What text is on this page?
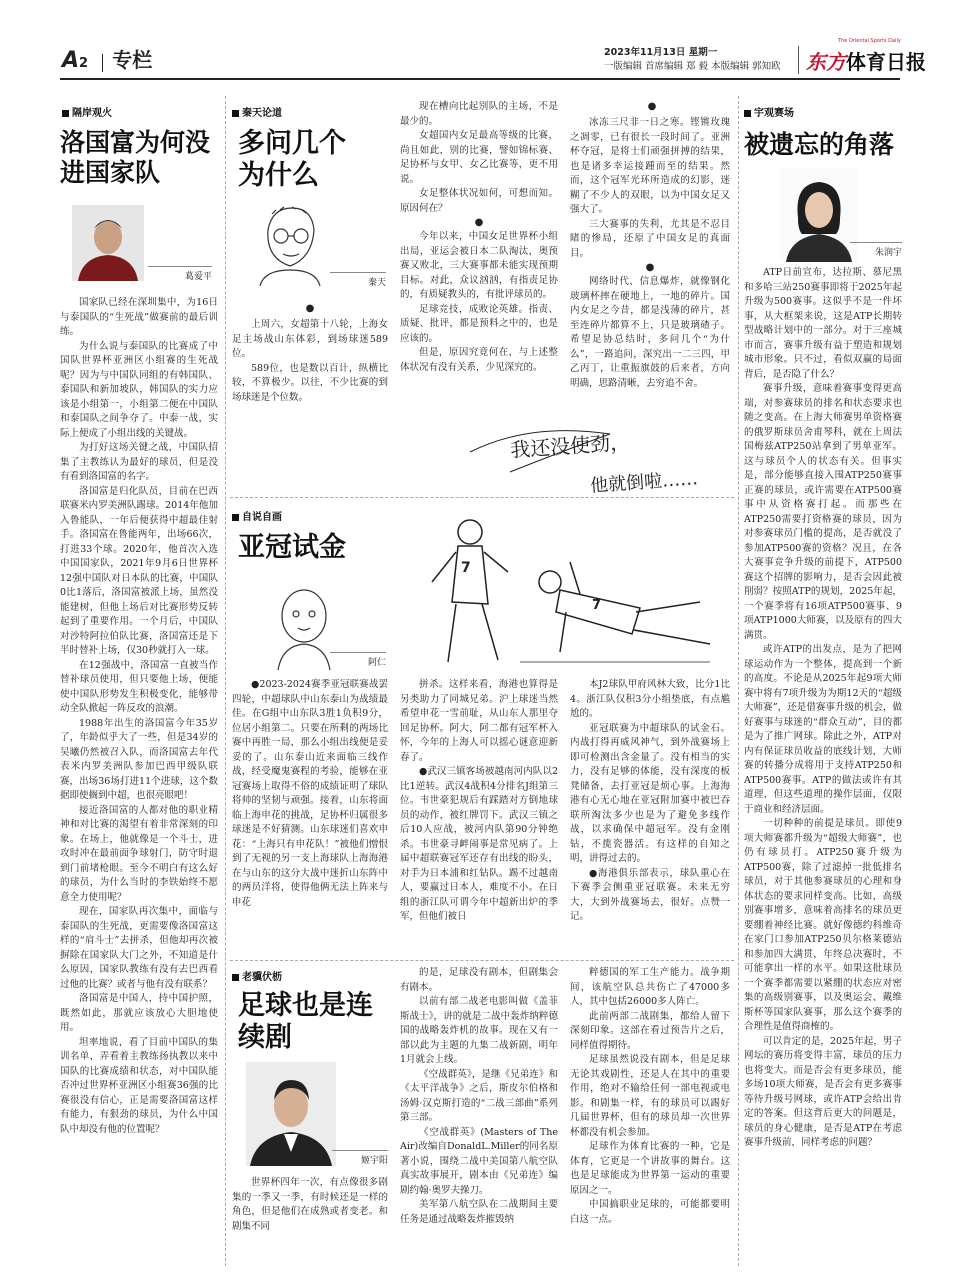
A2 专栏	2023年11月13日 星期一
一版编辑 首席编辑 郑 毅 本版编辑 郭知欧	东方体育日报
The Oriental Sports Daily
隔岸观火
洛国富为何没进国家队
葛爱平

国家队已经在深圳集中，为16日与泰国队的“生死战”做赛前的最后训练。

为什么说与泰国队的比赛成了中国队世界杯亚洲区小组赛的生死战呢？因为与中国队同组的有韩国队、泰国队和新加坡队，韩国队的实力应该是小组第一，小组第二便在中国队和泰国队之间争夺了。中泰一战，实际上便成了小组出线的关键战。

为打好这场关键之战，中国队招集了主教练认为最好的球员，但是没有看到洛国富的名字。

洛国富是归化队员，目前在巴西联赛米内罗美洲队踢球。2014年他加入鲁能队，一年后便获得中超最佳射手。洛国富在鲁能两年，出场66次，打进33个球。2020年，他首次入选中国国家队，2021年9月6日世界杯12强中国队对日本队的比赛，中国队0比1落后，洛国富被派上场，虽然没能建树，但他上场后对比赛形势反转起到了重要作用。一个月后，中国队对沙特阿拉伯队比赛，洛国富还是下半时替补上场，仅30秒就打入一球。

在12强战中，洛国富一直被当作替补球员使用，但只要他上场，便能使中国队形势发生积极变化，能够带动全队掀起一阵反攻的浪潮。

1988年出生的洛国富今年35岁了，年龄似乎大了一些，但是34岁的吴曦仍然被召入队，而洛国富去年代表米内罗美洲队参加巴西甲级队联赛，出场36场打进11个进球，这个数据即使搁到中超，也很亮眼吧！

接近洛国富的人都对他的职业精神和对比赛的渴望有着非常深刻的印象。在场上，他就像是一个斗士，进攻时冲在最前面争球射门，防守时退到门前堵枪眼。至今不明白有这么好的球员，为什么当时的李铁始终不愿意全力使用呢？

现在，国家队再次集中，面临与泰国队的生死战，更需要像洛国富这样的“肩斗士”去拼杀，但他却再次被摒除在国家队大门之外，不知道是什么原因，国家队教练有没有去巴西看过他的比赛？或者与他有没有联系？

洛国富是中国人，持中国护照，既然如此，那就应该放心大胆地使用。

坦率地说，看了目前中国队的集训名单，弄看着主教练扬执教以来中国队的比赛成绩和状态，对中国队能否冲过世界杯亚洲区小组赛36强的比赛很没有信心，正是需要洛国富这样有能力，有狠劲的球员，为什么中国队中却没有他的位置呢？

秦天论道
多问几个为什么
秦天
●

上周六，女超第十八轮，上海女足主场战山东体彩，到场球迷589位。

589位，也是数以百计，纵横比较，不算极少。以往，不少比赛的到场球迷是个位数。

现在槽向比起别队的主场，不是最少的。

女超国内女足最高等级的比赛，尚且如此，别的比赛，譬如锦标赛、足协杯与女甲、女乙比赛等，更不用说。

女足整体状况如何，可想而知。原因何在？

●

今年以来，中国女足世界杯小组出局，亚运会被日本二队淘汰，奥预赛又败北，三大赛事都未能实现预期目标。对此，众议汹汹，有指责足协的，有质疑教头的，有批评球员的。

足球竞技，成败论英雄。指责、质疑、批评，都是预料之中的，也是应该的。

但是，原因究竟何在，与上述整体状况有没有关系，少见深究的。

●

冰冻三尺非一日之寒。铿锵玫瑰之凋零，已有很长一段时间了。亚洲杯夺冠，是将士们顽强拼搏的结果，也是诸多幸运接踵而至的结果。然而，这个冠军光环所造成的幻影，迷糊了不少人的双眼，以为中国女足又强大了。

三大赛事的失利，尤其是不忍目睹的惨局，还原了中国女足的真面目。

●

网络时代，信息爆炸，就像钢化玻璃杯摔在硬地上，一地的碎片。国内女足之今昔，都是浅薄的碎片，甚至连碎片都算不上，只是玻璃碴子。希望足协总结时，多问几个“为什么”，一路追问，深究出一二三四，甲乙丙丁，让重振旗鼓的后来者，方向明确，思路清晰，去穷追不舍。

我还没使劲，
他就倒啦……
7
7
自说自画
亚冠试金
阿仁

●2023-2024赛季亚冠联赛战罢四轮，中超球队中山东泰山为战绩最佳。在G组中山东队3胜1负积9分，位居小组第二。只要在所剩的两场比赛中再胜一局，那么小组出线便是妥妥的了。山东泰山近来面临三线作战，经受魔鬼赛程的考验，能够在亚冠赛场上取得不俗的成绩证明了球队将帅的坚韧与顽强。接着，山东将面临上海申花的挑战，足协杯归属很多球迷是不好猜测。山东球迷们喜欢申花：“上海只有申花队！”被他们憎恨到了无视的另一支上海球队上海海港在与山东的这分大战中迷折山东阵中的两员洋将，使得他俩无法上阵来与申花

拼杀。这样来看，海港也算得是另类助力了同城兄弟。沪上球迷当然希望申花一雪前耻，从山东人那里夺回足协杯。阿大，阿二都有冠军杯入怀，今年的上海人可以摇心谜意迎新春了。

●武汉三镇客场被越南河内队以2比1逆转。武汉4战积4分排名J组第三位。韦世豪犯规后有踩踏对方倒地球员的动作，被红牌罚下。武汉三镇之后10人应战，被河内队第90分钟绝杀。韦世豪寻衅闹事是常见病了。上届中超联赛冠军还存有出线的盼头，对手为日本浦和红钻队。踢不过越南人，要赢过日本人，难度不小。在日组的浙江队可谓今年中超新出炉的季军，但他们被日

本J2球队甲府风林大致，比分1比4。浙江队仅积3分小组垫底，有点尴尬的。

亚冠联赛为中超球队的试金石。内战打得再威风神气，到外战赛场上即可检测出含金量了。没有相当的实力，没有足够的体能，没有深度的板凳储备，去打亚冠是烦心事。上海海港有心无心地在亚冠附加赛中被巴吞联所淘汰多少也是为了避免多线作战，以求确保中超冠军。没有金刚钻，不揽瓷器活。有这样的自知之明，讲得过去的。

●海港俱乐部表示，球队重心在下赛季会侧重亚冠联赛。未来无穷大，大到外战赛场去，很好。点赞一记。

老骥伏枥
足球也是连续剧
姬宇阳

世界杯四年一次，有点像很多剧集的一季又一季，有时候还是一样的角色，但是他们在成熟或者变老。和剧集不同

的是，足球没有剧本，但剧集会有剧本。

以前有部二战老电影叫做《盖菲斯战士》，讲的就是二战中轰炸纳粹德国的战略轰炸机的故事。现在又有一部以此为主题的九集二战新剧，明年1月就会上线。

《空战群英》，是继《兄弟连》和《太平洋战争》之后，斯皮尔伯格和汤姆·汉克斯打造的“二战三部曲”系列第三部。

《空战群英》(Masters of The Air)改编自DonaldL.Miller的同名原著小说，围绕二战中美国第八航空队真实故事展开，剧本由《兄弟连》编剧约翰·奥罗夫操刀。

美军第八航空队在二战期间主要任务是通过战略轰炸摧毁纳

粹德国的军工生产能力。战争期间，该航空队总共伤亡了47000多人，其中包括26000多人阵亡。

此前两部二战剧集，都给人留下深刻印象。这部在看过预告片之后，同样值得期待。

足球虽然说没有剧本，但是足球无论其戏剧性，还是人在其中的重要作用，绝对不输给任何一部电视或电影。和剧集一样，有的球员可以踢好几届世界杯，但有的球员却一次世界杯都没有机会参加。

足球作为体育比赛的一种，它是体育，它更是一个讲故事的舞台。这也是足球能成为世界第一运动的重要原因之一。

中国搞职业足球的，可能都要明白这一点。

宇观赛场
被遗忘的角落
朱润宇

ATP日前宣布，达拉斯、慕尼黑和多哈三站250赛事即将于2025年起升级为500赛事。这似乎不是一件坏事，从大框架来说，这是ATP长期转型战略计划中的一部分。对于三座城市而言，赛事升级有益于塑造和规划城市形象。只不过，看似双赢的局面背后，是否隐了什么？

赛事升级，意味着赛事变得更高端，对参赛球员的排名和状态要求也随之变高。在上海大师赛男单资格赛的俄罗斯球员舍甫琴科，就在上周法国梅兹ATP250站拿到了男单亚军。这与球员个人的状态有关。但事实是，部分能够直接入围ATP250赛事正赛的球员，或许需要在ATP500赛事中从资格赛打起。而那些在ATP250需要打资格赛的球员，因为对参赛球员门槛的提高，是否就没了参加ATP500赛的资格？况且，在各大赛事竞争升级的前提下，ATP500赛这个招牌的影响力，是否会因此被削弱？按照ATP的规划，2025年起，一个赛季将有16项ATP500赛事、9项ATP1000大师赛，以及原有的四大满贯。

或许ATP的出发点，是为了把网球运动作为一个整体，提高到一个新的高度。不论是从2025年起9项大师赛中将有7项升级为为期12天的“超级大师赛”，还是借赛事升级的机会，做好赛事与球迷的“群众互动”，目的都是为了推广网球。除此之外，ATP对内有保证球员收益的底线计划，大师赛的转播分成将用于支持ATP250和ATP500赛事。ATP的做法或许有其道理，但这些道理的操作层面，仅限于商业和经济层面。

一切种种的前提是球员。即使9项大师赛都升级为“超级大师赛”，也仍有球员打。ATP250赛升级为ATP500赛，除了过滤掉一批低排名球员，对于其他参赛球员的心理和身体状态的要求同样变高。比如，高级别赛事增多，意味着高排名的球员更要绷着神经比赛。就好像德约科维奇在家门口参加ATP250贝尔格莱德站和参加四大满贯，年终总决赛时，不可能拿出一样的水平。如果这批球员一个赛季都需要以紧绷的状态应对密集的高级别赛事，以及奥运会、戴维斯杯等国家队赛事，那么这个赛季的合理性是值得商榷的。

可以肯定的是，2025年起，男子网坛的赛历将变得丰富，球员的压力也将变大。而是否会有更多球员，能多场10项大师赛，是否会有更多赛事等待升级号网球，或许ATP会给出肯定的答案。但这背后更大的问题是，球员的身心健康，是否是ATP在考虑赛事升级前，同样考虑的问题？
